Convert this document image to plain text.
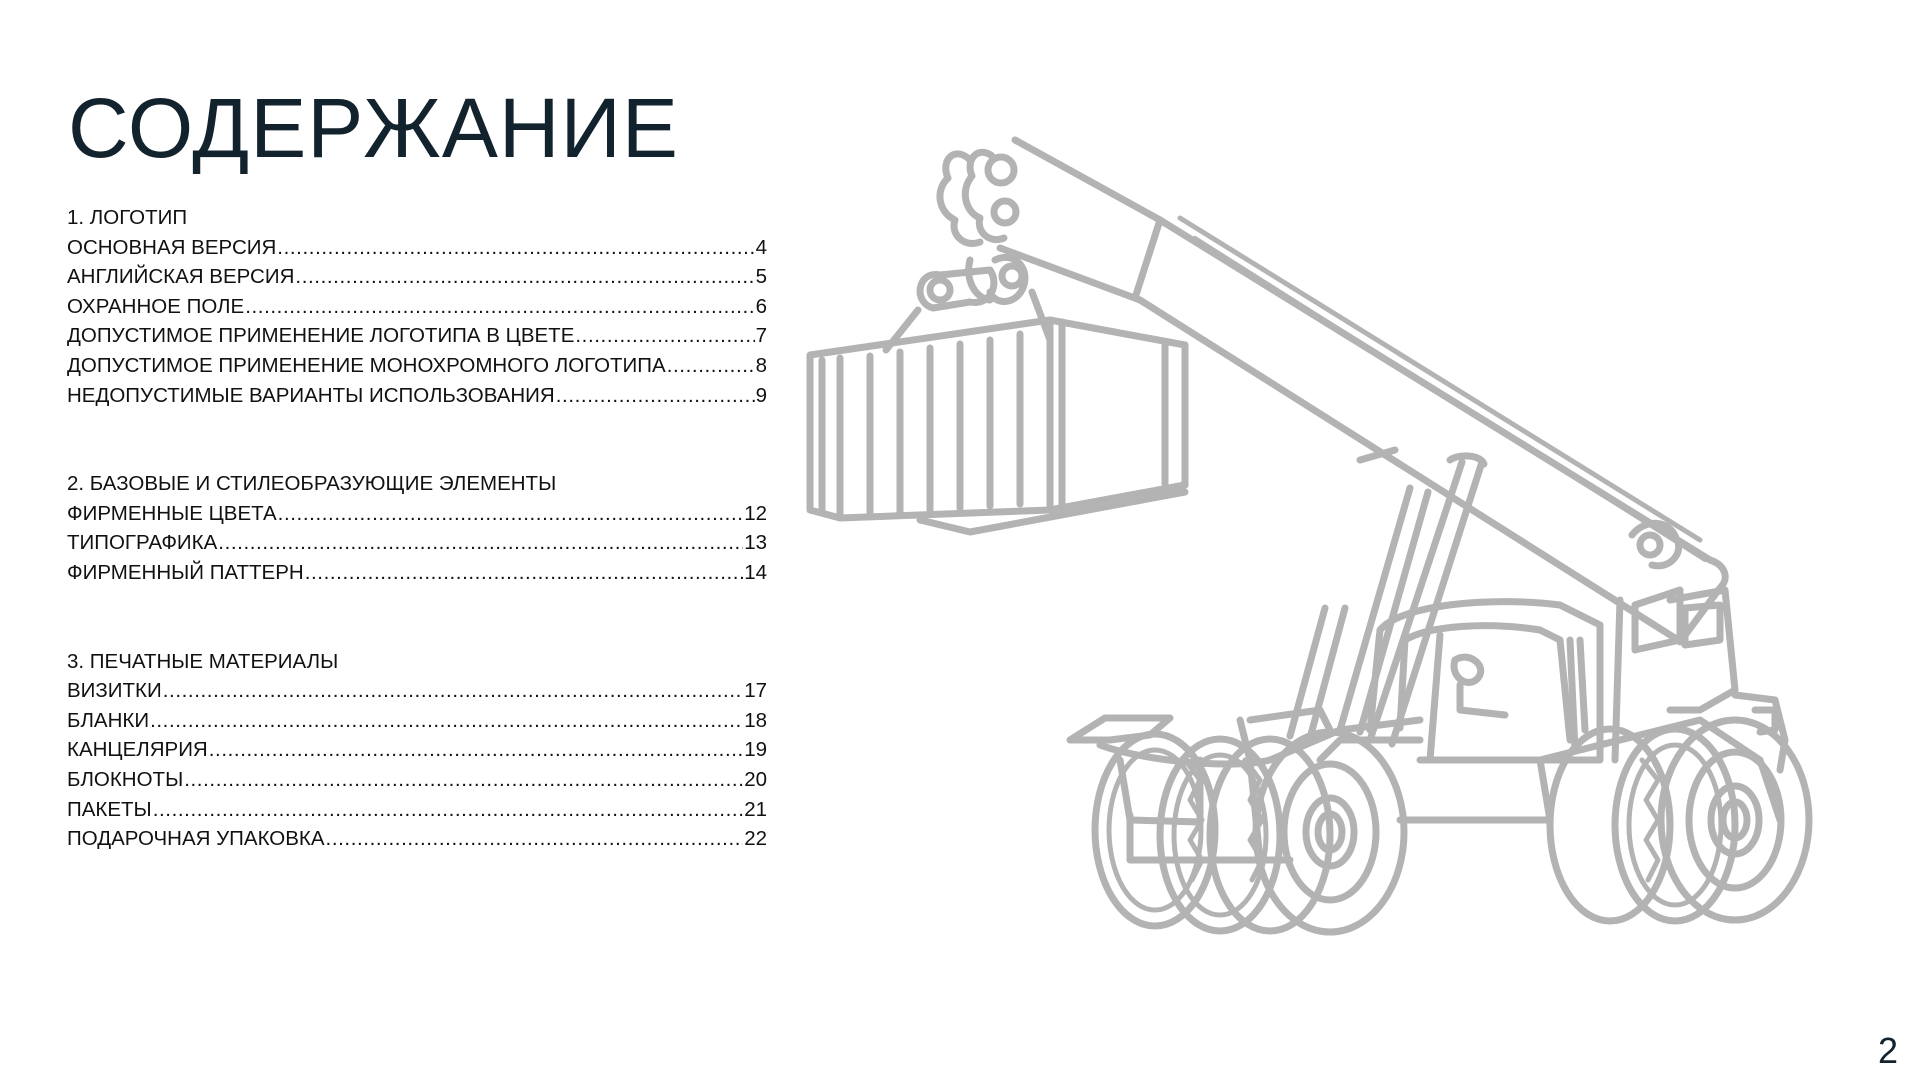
СОДЕРЖАНИЕ
1. ЛОГОТИП
ОСНОВНАЯ ВЕРСИЯ .....	4
АНГЛИЙСКАЯ ВЕРСИЯ .....	5
ОХРАННОЕ ПОЛЕ .....	6
ДОПУСТИМОЕ ПРИМЕНЕНИЕ ЛОГОТИПА В ЦВЕТЕ .....	7
ДОПУСТИМОЕ ПРИМЕНЕНИЕ МОНОХРОМНОГО ЛОГОТИПА .....	8
НЕДОПУСТИМЫЕ ВАРИАНТЫ ИСПОЛЬЗОВАНИЯ .....	9
2. БАЗОВЫЕ И СТИЛЕОБРАЗУЮЩИЕ ЭЛЕМЕНТЫ
ФИРМЕННЫЕ ЦВЕТА .....	12
ТИПОГРАФИКА .....	13
ФИРМЕННЫЙ ПАТТЕРН .....	14
3. ПЕЧАТНЫЕ МАТЕРИАЛЫ
ВИЗИТКИ .....	17
БЛАНКИ .....	18
КАНЦЕЛЯРИЯ .....	19
БЛОКНОТЫ .....	20
ПАКЕТЫ .....	21
ПОДАРОЧНАЯ УПАКОВКА .....	22
2
